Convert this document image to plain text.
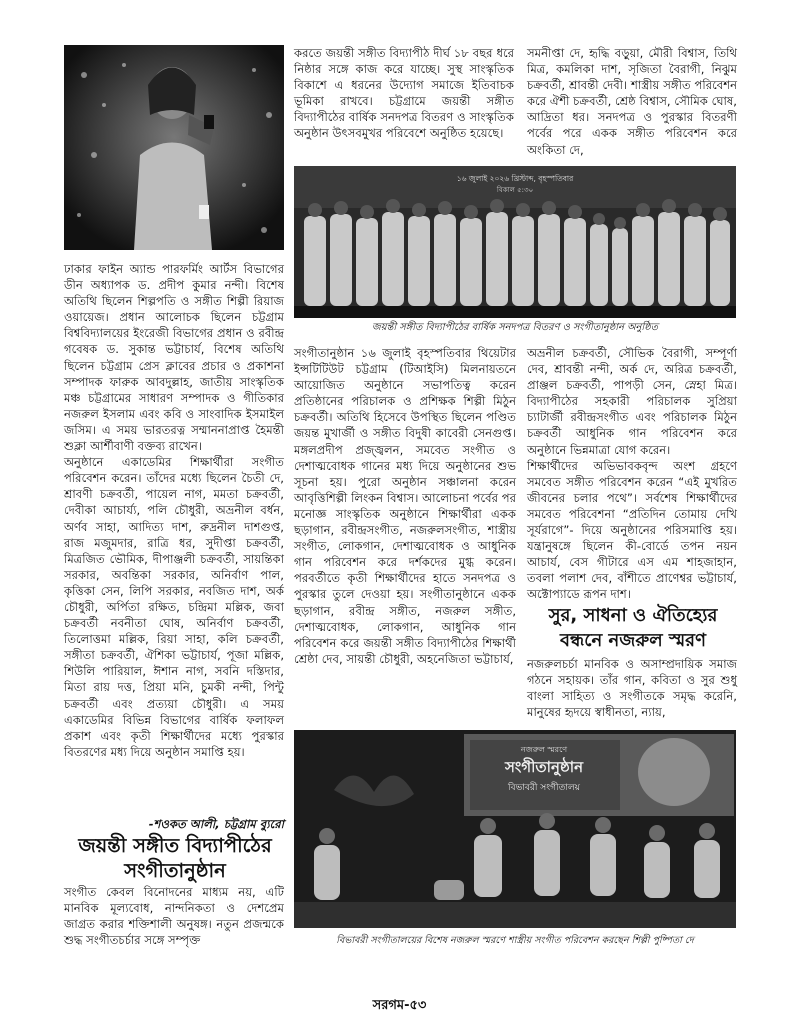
ঢাকার ফাইন অ্যান্ড পারফর্মিং আর্টস বিভাগের ডীন অধ্যাপক ড. প্রদীপ কুমার নন্দী। বিশেষ অতিথি ছিলেন শিল্পপতি ও সঙ্গীত শিল্পী রিয়াজ ওয়ায়েজ। প্রধান আলোচক ছিলেন চট্টগ্রাম বিশ্ববিদ্যালয়ের ইংরেজী বিভাগের প্রধান ও রবীন্দ্র গবেষক ড. সুকান্ত ভট্টাচার্য, বিশেষ অতিথি ছিলেন চট্টগ্রাম প্রেস ক্লাবের প্রচার ও প্রকাশনা সম্পাদক ফারুক আবদুল্লাহ, জাতীয় সাংস্কৃতিক মঞ্চ চট্টগ্রামের সাধারণ সম্পাদক ও গীতিকার নজরুল ইসলাম এবং কবি ও সাংবাদিক ইসমাইল জসিম। এ সময় ভারতরত্ন সম্মাননাপ্রাপ্ত হৈমন্তী শুক্লা আর্শীবাণী বক্তব্য রাখেন।

অনুষ্ঠানে একাডেমির শিক্ষার্থীরা সংগীত পরিবেশন করেন। তাঁদের মধ্যে ছিলেন চৈতী দে, শ্রাবণী চক্রবর্তী, পায়েল নাগ, মমতা চক্রবর্তী, দেবীকা আচার্য্য, পলি চৌধুরী, অভ্রনীল বর্ধন, অর্ণব সাহা, আদিত্য দাশ, রুদ্রনীল দাশগুপ্ত, রাজ মজুমদার, রাত্রি ধর, সুদীপ্তা চক্রবর্তী, মিত্রজিত ভৌমিক, দীপাঞ্জলী চক্রবর্তী, সায়ন্তিকা সরকার, অবন্তিকা সরকার, অনির্বাণ পাল, কৃত্তিকা সেন, লিপি সরকার, নবজিত দাশ, অর্ক চৌধুরী, অর্পিতা রক্ষিত, চন্দ্রিমা মল্লিক, জবা চক্রবর্তী নবনীতা ঘোষ, অনির্বাণ চক্রবর্তী, তিলোত্তমা মল্লিক, রিয়া সাহা, কলি চক্রবর্তী, সঙ্গীতা চক্রবর্তী, ঐশিকা ভট্টাচার্য, পূজা মল্লিক, শিউলি পারিয়াল, ঈশান নাগ, সবনি দস্তিদার, মিতা রায় দত্ত, প্রিয়া মনি, চুমকী নন্দী, পিন্টু চক্রবর্তী এবং প্রত্যয়া চৌধুরী। এ সময় একাডেমির বিভিন্ন বিভাগের বার্ষিক ফলাফল প্রকাশ এবং কৃতী শিক্ষার্থীদের মধ্যে পুরস্কার বিতরণের মধ্য দিয়ে অনুষ্ঠান সমাপ্তি হয়।

-শওকত আলী, চট্টগ্রাম ব্যুরো
জয়ন্তী সঙ্গীত বিদ্যাপীঠের
সংগীতানুষ্ঠান

সংগীত কেবল বিনোদনের মাধ্যম নয়, এটি মানবিক মূল্যবোধ, নান্দনিকতা ও দেশপ্রেম জাগ্রত করার শক্তিশালী অনুষঙ্গ। নতুন প্রজন্মকে শুদ্ধ সংগীতচর্চার সঙ্গে সম্পৃক্ত

করতে জয়ন্তী সঙ্গীত বিদ্যাপীঠ দীর্ঘ ১৮ বছর ধরে নিষ্ঠার সঙ্গে কাজ করে যাচ্ছে। সুস্থ সাংস্কৃতিক বিকাশে এ ধরনের উদ্যোগ সমাজে ইতিবাচক ভূমিকা রাখবে। চট্টগ্রামে জয়ন্তী সঙ্গীত বিদ্যাপীঠের বার্ষিক সনদপত্র বিতরণ ও সাংস্কৃতিক অনুষ্ঠান উৎসবমুখর পরিবেশে অনুষ্ঠিত হয়েছে।

সমনীপ্তা দে, হৃদ্ধি বড়ুয়া, মৌরী বিশ্বাস, তিথি মিত্র, কমলিকা দাশ, সৃজিতা বৈরাগী, নিঝুম চক্রবর্তী, শ্রাবন্তী দেবী। শাস্ত্রীয় সঙ্গীত পরিবেশন করে ঐশী চক্রবর্তী, শ্রেষ্ঠ বিশ্বাস, সৌমিক ঘোষ, আদ্রিতা ধর। সনদপত্র ও পুরস্কার বিতরণী পর্বের পরে একক সঙ্গীত পরিবেশন করে অংকিতা দে,

১৬ জুলাই ২০২৬ খ্রিস্টাব্দ, বৃহস্পতিবার
বিকাল ৫:৩০
জয়ন্তী সঙ্গীত বিদ্যাপীঠের বার্ষিক সনদপত্র বিতরণ ও সংগীতানুষ্ঠান অনুষ্ঠিত

সংগীতানুষ্ঠান ১৬ জুলাই বৃহস্পতিবার থিয়েটার ইন্সটিটিউট চট্টগ্রাম (টিআইসি) মিলনায়তনে আয়োজিত অনুষ্ঠানে সভাপতিত্ব করেন প্রতিষ্ঠানের পরিচালক ও প্রশিক্ষক শিল্পী মিঠুন চক্রবর্তী। অতিথি হিসেবে উপস্থিত ছিলেন পণ্ডিত জয়ন্ত মুখার্জী ও সঙ্গীত বিদুষী কাবেরী সেনগুপ্ত। মঙ্গলপ্রদীপ প্রজ্জ্বলন, সমবেত সংগীত ও দেশাত্মবোধক গানের মধ্য দিয়ে অনুষ্ঠানের শুভ সূচনা হয়। পুরো অনুষ্ঠান সঞ্চালনা করেন আবৃত্তিশিল্পী লিংকন বিশ্বাস। আলোচনা পর্বের পর মনোজ্ঞ সাংস্কৃতিক অনুষ্ঠানে শিক্ষার্থীরা একক ছড়াগান, রবীন্দ্রসংগীত, নজরুলসংগীত, শাস্ত্রীয় সংগীত, লোকগান, দেশাত্মবোধক ও আধুনিক গান পরিবেশন করে দর্শকদের মুগ্ধ করেন। পরবর্তীতে কৃতী শিক্ষার্থীদের হাতে সনদপত্র ও পুরস্কার তুলে দেওয়া হয়। সংগীতানুষ্ঠানে একক ছড়াগান, রবীন্দ্র সঙ্গীত, নজরুল সঙ্গীত, দেশাত্মবোধক, লোকগান, আধুনিক গান পরিবেশন করে জয়ন্তী সঙ্গীত বিদ্যাপীঠের শিক্ষার্থী শ্রেষ্ঠা দেব, সায়ন্তী চৌধুরী, অহনেজিতা ভট্টাচার্য,

অভ্রনীল চক্রবর্তী, সৌভিক বৈরাগী, সম্পূর্ণা দেব, শ্রাবন্তী নন্দী, অর্ক দে, অরিত্র চক্রবর্তী, প্রাঞ্জল চক্রবর্তী, পাপড়ী সেন, স্নেহা মিত্র। বিদ্যাপীঠের সহকারী পরিচালক সুপ্রিয়া চ্যাটার্জী রবীন্দ্রসংগীত এবং পরিচালক মিঠুন চক্রবর্তী আধুনিক গান পরিবেশন করে অনুষ্ঠানে ভিন্নমাত্রা যোগ করেন।

শিক্ষার্থীদের অভিভাবকবৃন্দ অংশ গ্রহণে সমবেত সঙ্গীত পরিবেশন করেন “এই মুখরিত জীবনের চলার পথে”। সর্বশেষ শিক্ষার্থীদের সমবেত পরিবেশনা “প্রতিদিন তোমায় দেখি সূর্যরাগে”- দিয়ে অনুষ্ঠানের পরিসমাপ্তি হয়। যন্ত্রানুষঙ্গে ছিলেন কী-বোর্ডে তপন নয়ন আচার্য, বেস গীটারে এস এম শাহজাহান, তবলা পলাশ দেব, বাঁশীতে প্রাণেশ্বর ভট্টাচার্য, অক্টোপ্যাডে রূপন দাশ।

সুর, সাধনা ও ঐতিহ্যের
বন্ধনে নজরুল স্মরণ

নজরুলচর্চা মানবিক ও অসাম্প্রদায়িক সমাজ গঠনে সহায়ক। তাঁর গান, কবিতা ও সুর শুধু বাংলা সাহিত্য ও সংগীতকে সমৃদ্ধ করেনি, মানুষের হৃদয়ে স্বাধীনতা, ন্যায়,

নজরুল স্মরণে
সংগীতানুষ্ঠান
বিভাবরী সংগীতালয়
বিভাবরী সংগীতালয়ের বিশেষ নজরুল স্মরণে শাস্ত্রীয় সংগীত পরিবেশন করছেন শিল্পী পুষ্পিতা দে
সরগম-৫৩
